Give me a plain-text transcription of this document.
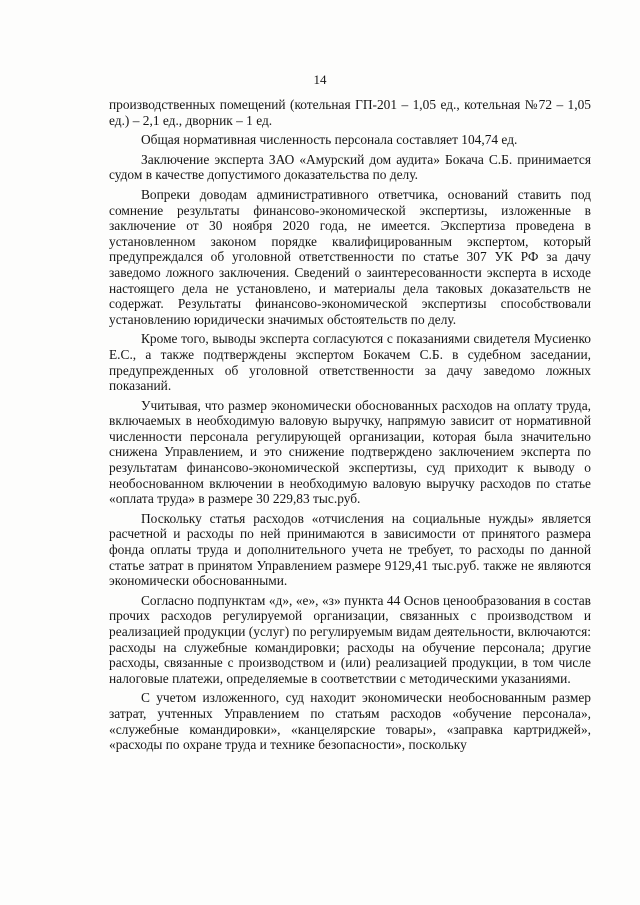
14

производственных помещений (котельная ГП-201 – 1,05 ед., котельная №72 – 1,05 ед.) – 2,1 ед., дворник – 1 ед.

Общая нормативная численность персонала составляет 104,74 ед.

Заключение эксперта ЗАО «Амурский дом аудита» Бокача С.Б. принимается судом в качестве допустимого доказательства по делу.

Вопреки доводам административного ответчика, оснований ставить под сомнение результаты финансово-экономической экспертизы, изложенные в заключение от 30 ноября 2020 года, не имеется. Экспертиза проведена в установленном законом порядке квалифицированным экспертом, который предупреждался об уголовной ответственности по статье 307 УК РФ за дачу заведомо ложного заключения. Сведений о заинтересованности эксперта в исходе настоящего дела не установлено, и материалы дела таковых доказательств не содержат. Результаты финансово-экономической экспертизы способствовали установлению юридически значимых обстоятельств по делу.

Кроме того, выводы эксперта согласуются с показаниями свидетеля Мусиенко Е.С., а также подтверждены экспертом Бокачем С.Б. в судебном заседании, предупрежденных об уголовной ответственности за дачу заведомо ложных показаний.

Учитывая, что размер экономически обоснованных расходов на оплату труда, включаемых в необходимую валовую выручку, напрямую зависит от нормативной численности персонала регулирующей организации, которая была значительно снижена Управлением, и это снижение подтверждено заключением эксперта по результатам финансово-экономической экспертизы, суд приходит к выводу о необоснованном включении в необходимую валовую выручку расходов по статье «оплата труда» в размере 30 229,83 тыс.руб.

Поскольку статья расходов «отчисления на социальные нужды» является расчетной и расходы по ней принимаются в зависимости от принятого размера фонда оплаты труда и дополнительного учета не требует, то расходы по данной статье затрат в принятом Управлением размере 9129,41 тыс.руб. также не являются экономически обоснованными.

Согласно подпунктам «д», «е», «з» пункта 44 Основ ценообразования в состав прочих расходов регулируемой организации, связанных с производством и реализацией продукции (услуг) по регулируемым видам деятельности, включаются: расходы на служебные командировки; расходы на обучение персонала; другие расходы, связанные с производством и (или) реализацией продукции, в том числе налоговые платежи, определяемые в соответствии с методическими указаниями.

С учетом изложенного, суд находит экономически необоснованным размер затрат, учтенных Управлением по статьям расходов «обучение персонала», «служебные командировки», «канцелярские товары», «заправка картриджей», «расходы по охране труда и технике безопасности», поскольку
